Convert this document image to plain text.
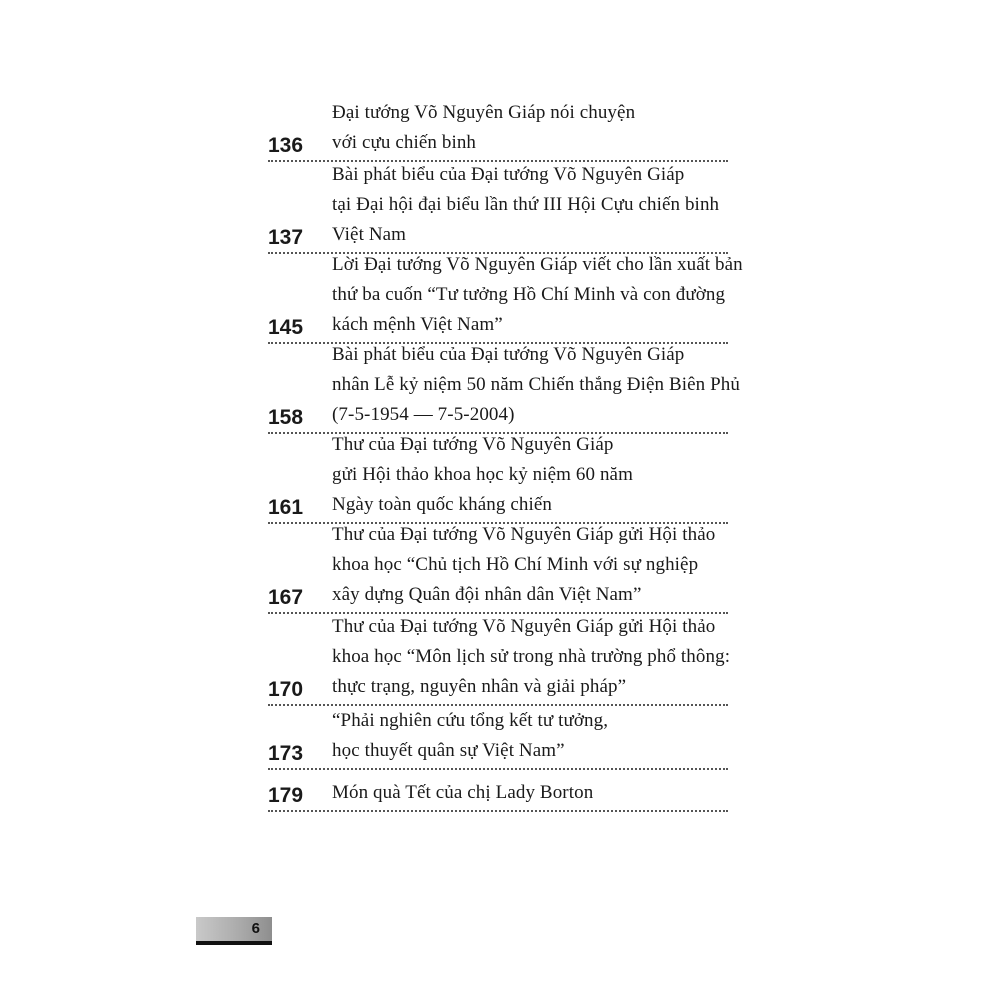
136
Đại tướng Võ Nguyên Giáp nói chuyện
với cựu chiến binh
137
Bài phát biểu của Đại tướng Võ Nguyên Giáp
tại Đại hội đại biểu lần thứ III Hội Cựu chiến binh
Việt Nam
145
Lời Đại tướng Võ Nguyên Giáp viết cho lần xuất bản
thứ ba cuốn “Tư tưởng Hồ Chí Minh và con đường
kách mệnh Việt Nam”
158
Bài phát biểu của Đại tướng Võ Nguyên Giáp
nhân Lễ kỷ niệm 50 năm Chiến thắng Điện Biên Phủ
(7-5-1954 — 7-5-2004)
161
Thư của Đại tướng Võ Nguyên Giáp
gửi Hội thảo khoa học kỷ niệm 60 năm
Ngày toàn quốc kháng chiến
167
Thư của Đại tướng Võ Nguyên Giáp gửi Hội thảo
khoa học “Chủ tịch Hồ Chí Minh với sự nghiệp
xây dựng Quân đội nhân dân Việt Nam”
170
Thư của Đại tướng Võ Nguyên Giáp gửi Hội thảo
khoa học “Môn lịch sử trong nhà trường phổ thông:
thực trạng, nguyên nhân và giải pháp”
173
“Phải nghiên cứu tổng kết tư tưởng,
học thuyết quân sự Việt Nam”
179	Món quà Tết của chị Lady Borton
6
